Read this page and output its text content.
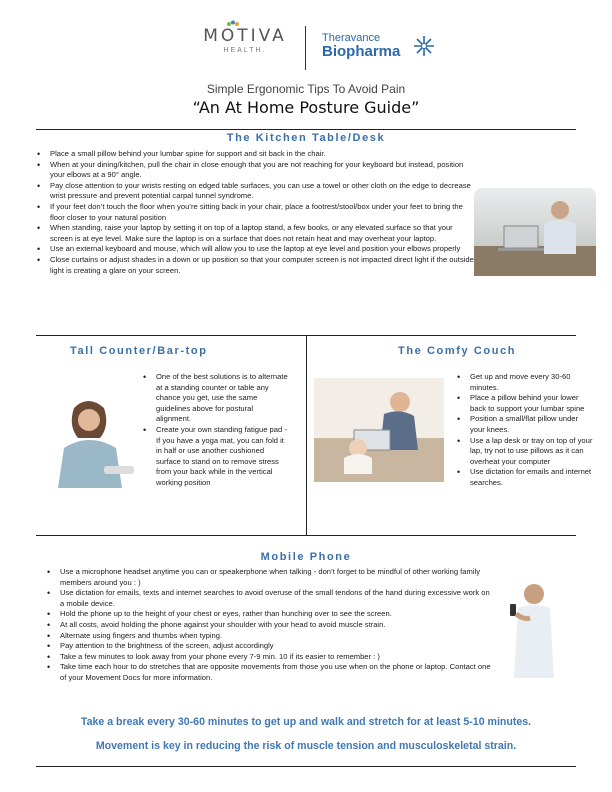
MOTIVA
HEALTH.
Theravance
Biopharma
Simple Ergonomic Tips To Avoid Pain
“An At Home Posture Guide”
The Kitchen Table/Desk
• Place a small pillow behind your lumbar spine for support and sit back in the chair.
• When at your dining/kitchen, pull the chair in close enough that you are not reaching for your keyboard but instead, position your elbows at a 90° angle.
• Pay close attention to your wrists resting on edged table surfaces, you can use a towel or other cloth on the edge to decrease wrist pressure and prevent potential carpal tunnel syndrome.
• If your feet don’t touch the floor when you’re sitting back in your chair, place a footrest/stool/box under your feet to bring the floor closer to your natural position
• When standing, raise your laptop by setting it on top of a laptop stand, a few books, or any elevated surface so that your screen is at eye level. Make sure the laptop is on a surface that does not retain heat and may overheat your laptop.
• Use an external keyboard and mouse, which will allow you to use the laptop at eye level and position your elbows properly
• Close curtains or adjust shades in a down or up position so that your computer screen is not impacted direct light if the outside light is creating a glare on your screen.
Tall Counter/Bar-top
• One of the best solutions is to alternate at a standing counter or table any chance you get, use the same guidelines above for postural alignment.
• Create your own standing fatigue pad - If you have a yoga mat, you can fold it in half or use another cushioned surface to stand on to remove stress from your back while in the vertical working position
The Comfy Couch
• Get up and move every 30-60 minutes.
• Place a pillow behind your lower back to support your lumbar spine
• Position a small/flat pillow under your knees.
• Use a lap desk or tray on top of your lap, try not to use pillows as it can overheat your computer
• Use dictation for emails and internet searches.
Mobile Phone
• Use a microphone headset anytime you can or speakerphone when talking - don’t forget to be mindful of other working family members around you : )
• Use dictation for emails, texts and internet searches to avoid overuse of the small tendons of the hand during excessive work on a mobile device.
• Hold the phone up to the height of your chest or eyes, rather than hunching over to see the screen.
• At all costs, avoid holding the phone against your shoulder with your head to avoid muscle strain.
• Alternate using fingers and thumbs when typing.
• Pay attention to the brightness of the screen, adjust accordingly
• Take a few minutes to look away from your phone every 7-9 min. 10 if its easier to remember : )
• Take time each hour to do stretches that are opposite movements from those you use when on the phone or laptop. Contact one of your Movement Docs for more information.
Take a break every 30-60 minutes to get up and walk and stretch for at least 5-10 minutes.
Movement is key in reducing the risk of muscle tension and musculoskeletal strain.
